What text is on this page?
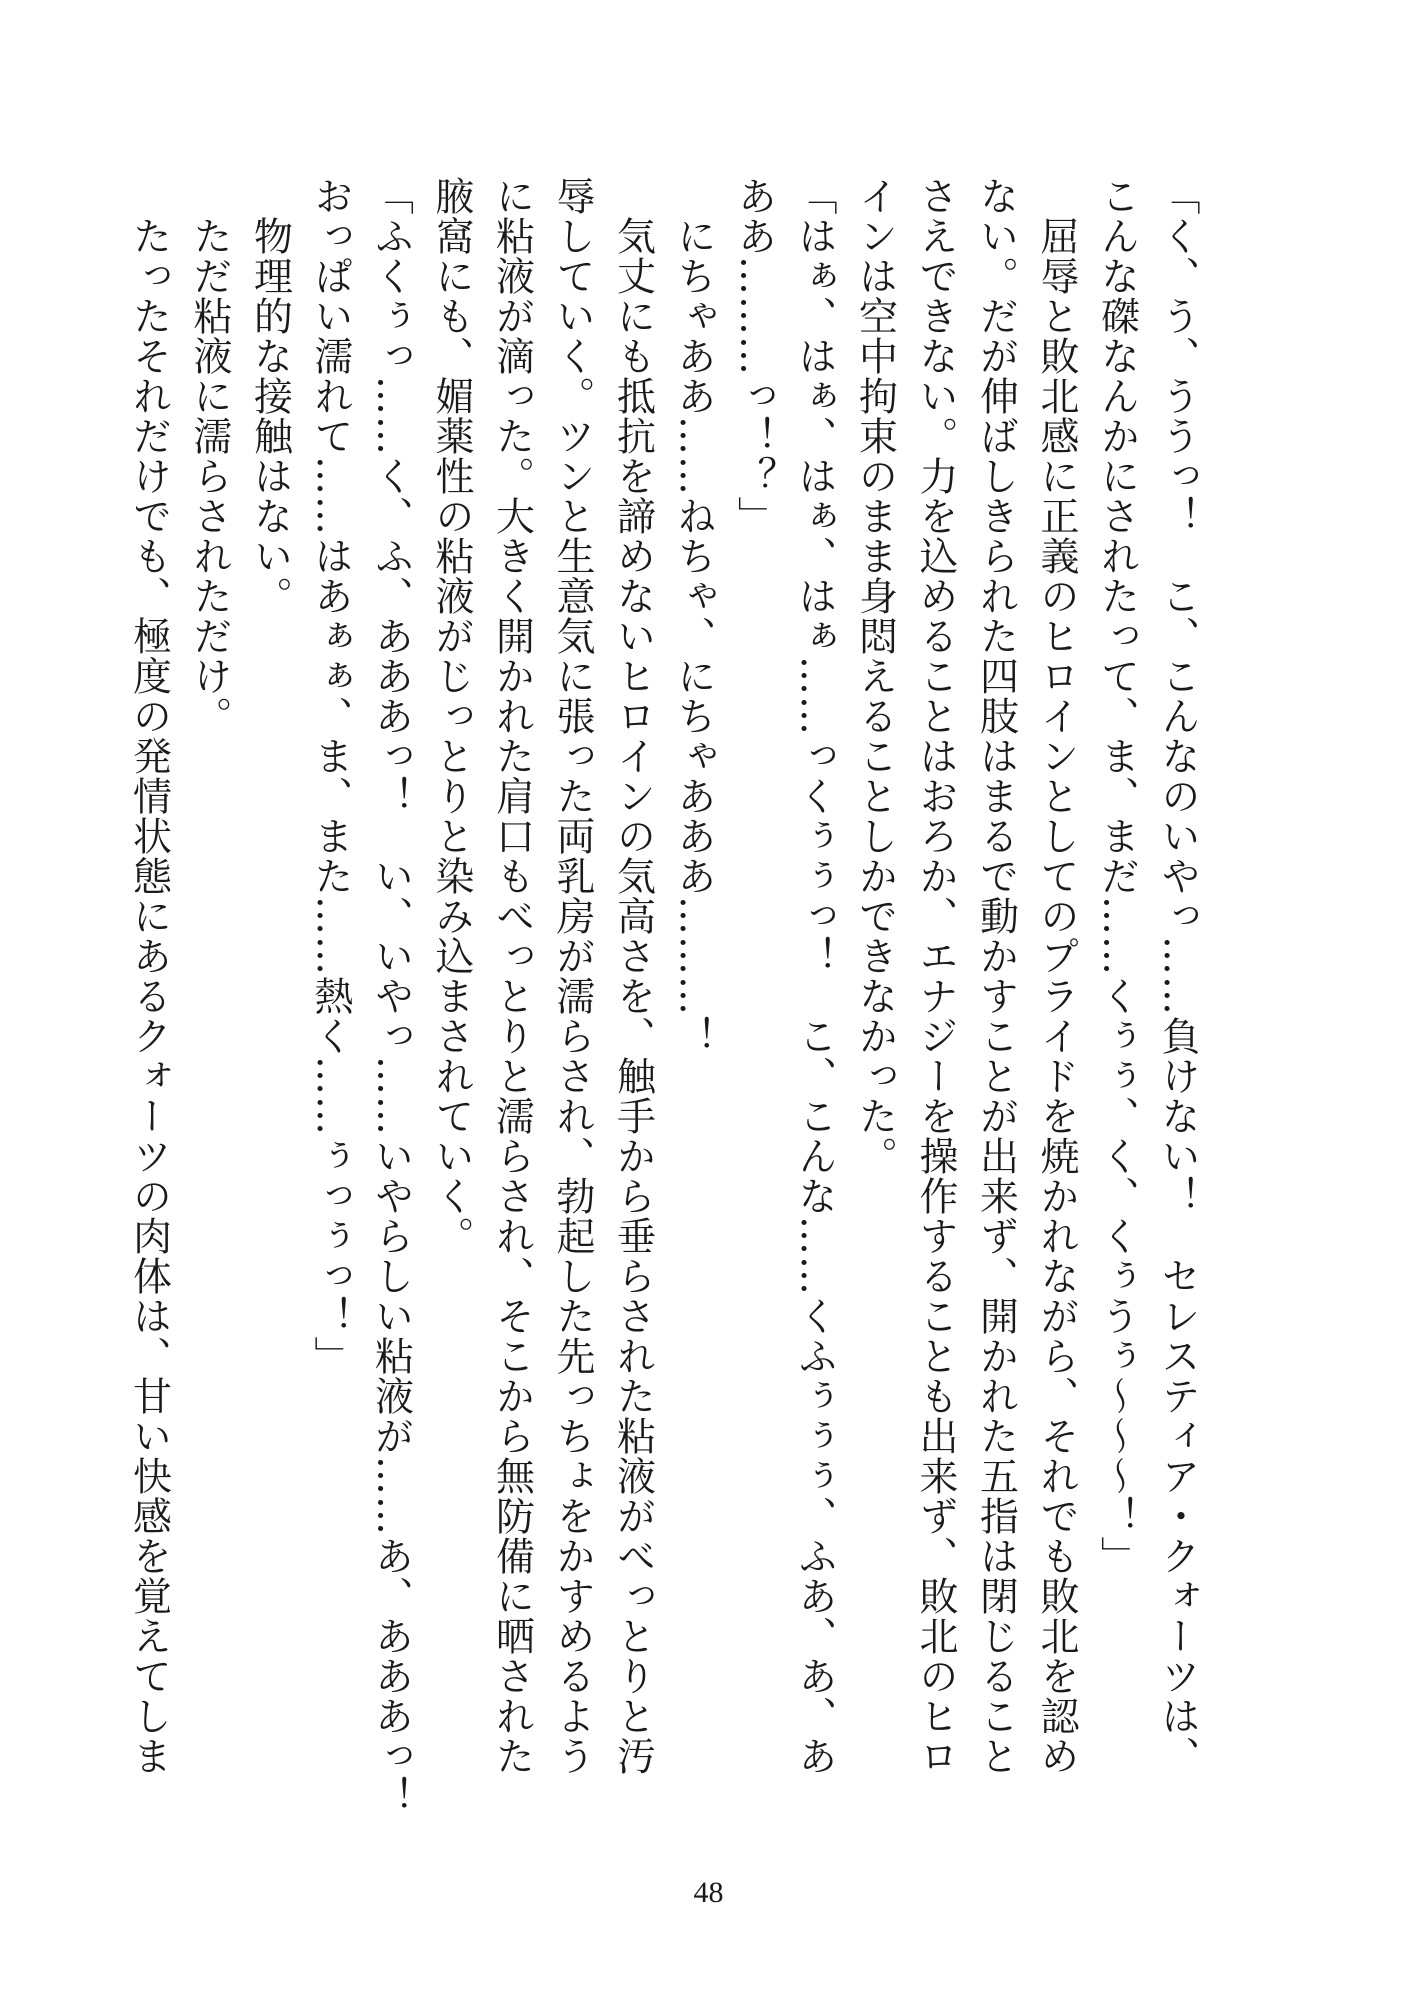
「く、う、ううっ！　こ、こんなのいやっ……負けない！　セレスティア・クォーツは、
こんな磔なんかにされたって、ま、まだ……くぅぅ、く、くぅうぅ〜〜〜！」
　屈辱と敗北感に正義のヒロインとしてのプライドを焼かれながら、それでも敗北を認め
ない。だが伸ばしきられた四肢はまるで動かすことが出来ず、開かれた五指は閉じること
さえできない。力を込めることはおろか、エナジーを操作することも出来ず、敗北のヒロ
インは空中拘束のまま身悶えることしかできなかった。
「はぁ、はぁ、はぁ、はぁ……っくぅぅっ！　こ、こんな……くふぅぅぅ、ふあ、あ、あ
ああ………っ！？」
　にちゃああ……ねちゃ、にちゃあああ………！
　気丈にも抵抗を諦めないヒロインの気高さを、触手から垂らされた粘液がべっとりと汚
辱していく。ツンと生意気に張った両乳房が濡らされ、勃起した先っちょをかすめるよう
に粘液が滴った。大きく開かれた肩口もべっとりと濡らされ、そこから無防備に晒された
腋窩にも、媚薬性の粘液がじっとりと染み込まされていく。
「ふくぅっ……く、ふ、あああっ！　い、いやっ……いやらしい粘液が……あ、あああっ！
おっぱい濡れて……はあぁぁ、ま、また……熱く……ぅっぅっ！」
　物理的な接触はない。
　ただ粘液に濡らされただけ。
　たったそれだけでも、極度の発情状態にあるクォーツの肉体は、甘い快感を覚えてしま
48
